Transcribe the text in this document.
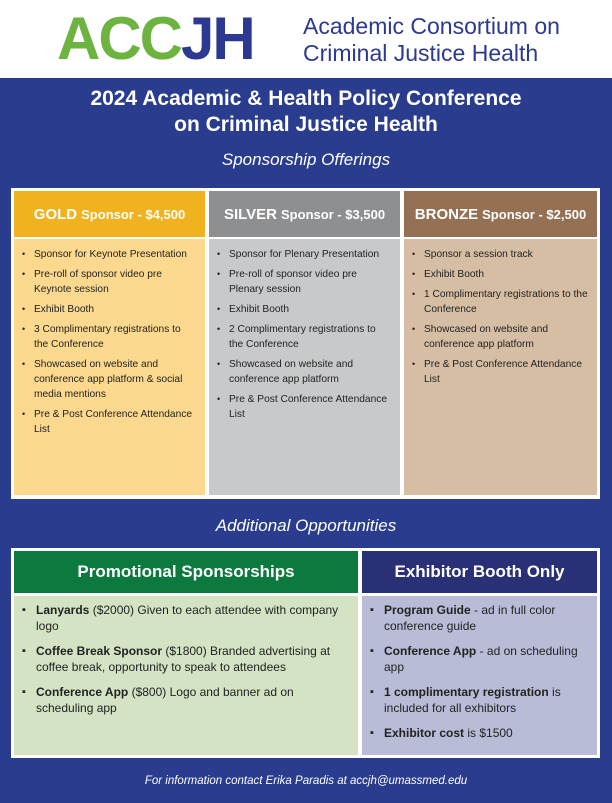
ACCJH Academic Consortium on
Criminal Justice Health
2024 Academic & Health Policy Conference
on Criminal Justice Health
Sponsorship Offerings
GOLD Sponsor - $4,500	SILVER Sponsor - $3,500 BRONZE Sponsor - $2,500
• Sponsor for Keynote Presentation
• Pre-roll of sponsor video pre Keynote session
• Exhibit Booth
• 3 Complimentary registrations to the Conference
• Showcased on website and conference app platform & social media mentions
• Pre & Post Conference Attendance List
• Sponsor for Plenary Presentation
• Pre-roll of sponsor video pre Plenary session
• Exhibit Booth
• 2 Complimentary registrations to the Conference
• Showcased on website and conference app platform
• Pre & Post Conference Attendance List
• Sponsor a session track
• Exhibit Booth
• 1 Complimentary registrations to the Conference
• Showcased on website and conference app platform
• Pre & Post Conference Attendance List
Additional Opportunities
Promotional Sponsorships	Exhibitor Booth Only
▪ Lanyards ($2000) Given to each attendee with company logo
▪ Coffee Break Sponsor ($1800) Branded advertising at coffee break, opportunity to speak to attendees
▪ Conference App ($800) Logo and banner ad on scheduling app
▪ Program Guide - ad in full color conference guide
▪ Conference App - ad on scheduling app
▪ 1 complimentary registration is included for all exhibitors
▪ Exhibitor cost is $1500
For information contact Erika Paradis at accjh@umassmed.edu
